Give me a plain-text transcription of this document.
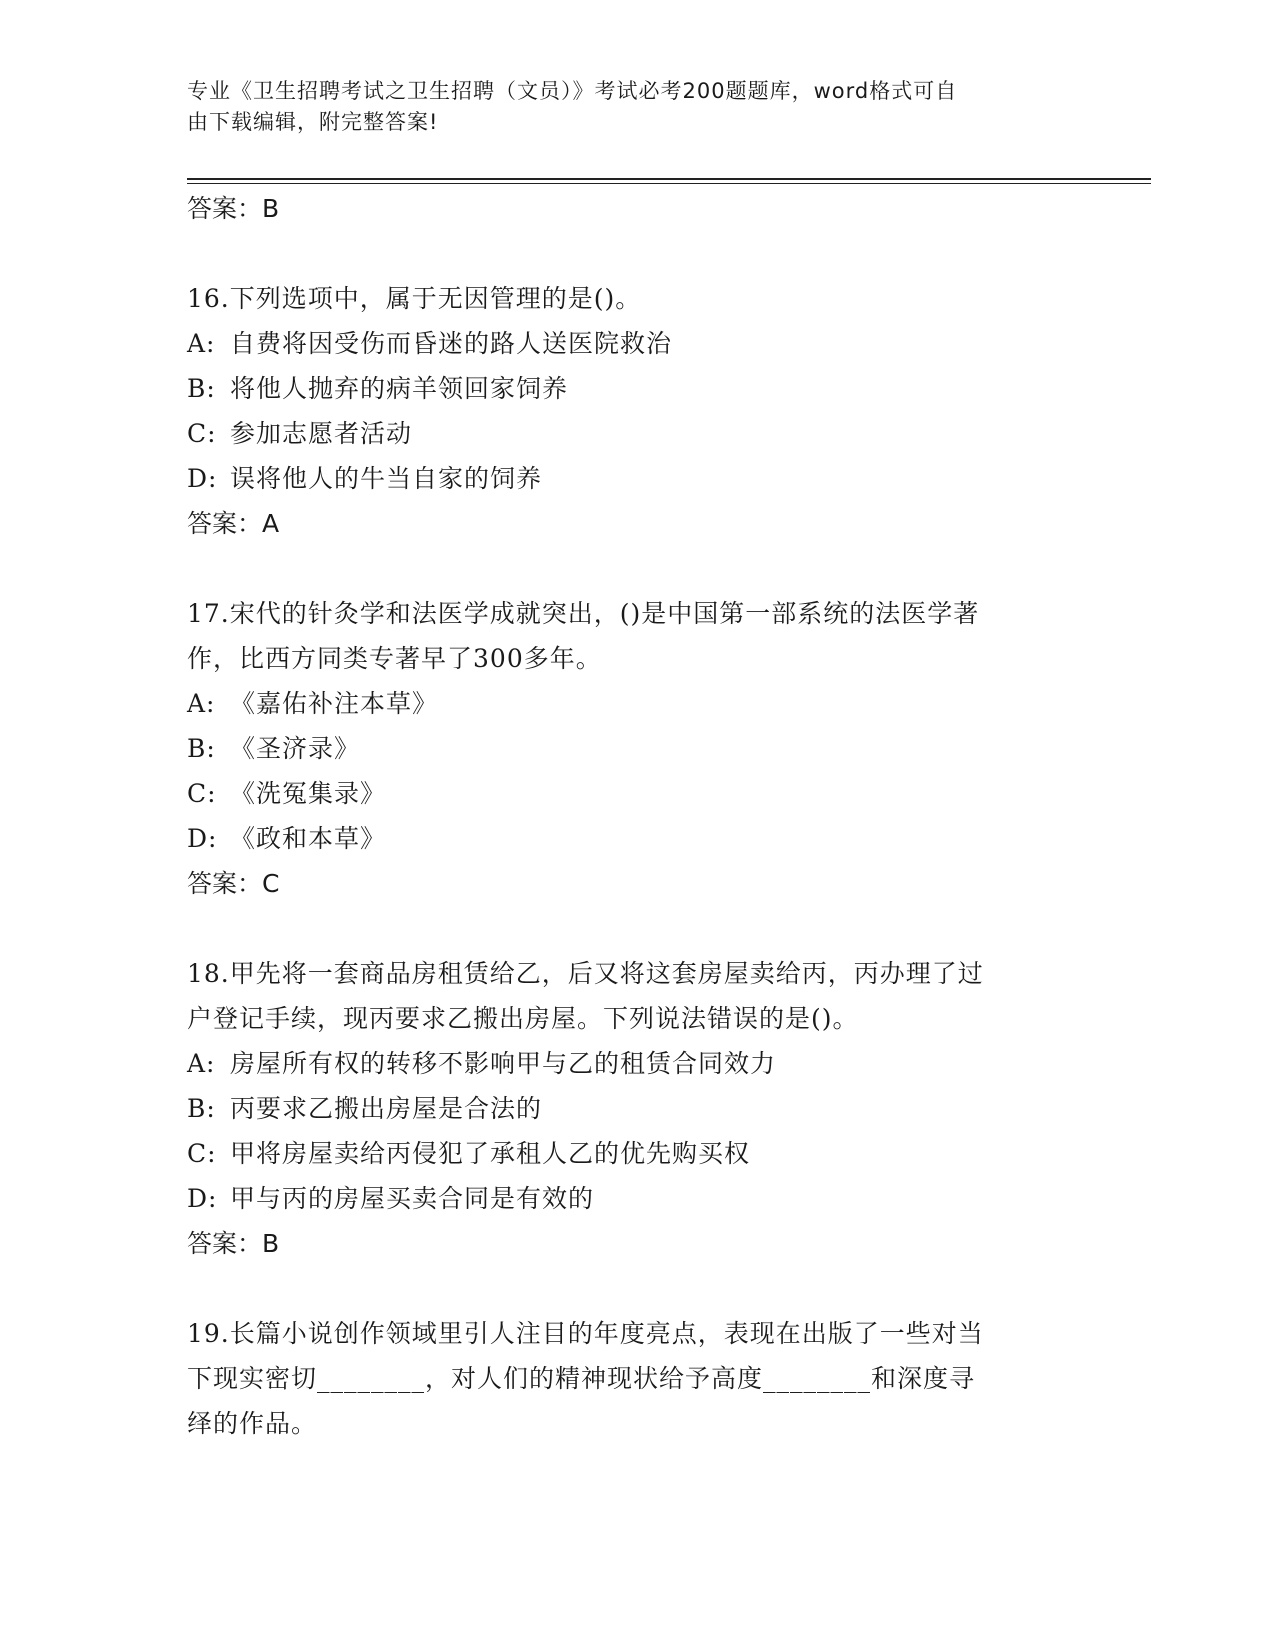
专业《卫生招聘考试之卫生招聘（文员）》考试必考200题题库，word格式可自
由下载编辑，附完整答案!

答案：B

16.下列选项中，属于无因管理的是()。

A: 自费将因受伤而昏迷的路人送医院救治

B: 将他人抛弃的病羊领回家饲养

C: 参加志愿者活动

D: 误将他人的牛当自家的饲养

答案：A

17.宋代的针灸学和法医学成就突出，()是中国第一部系统的法医学著

作，比西方同类专著早了300多年。

A: 《嘉佑补注本草》

B: 《圣济录》

C: 《洗冤集录》

D: 《政和本草》

答案：C

18.甲先将一套商品房租赁给乙，后又将这套房屋卖给丙，丙办理了过

户登记手续，现丙要求乙搬出房屋。下列说法错误的是()。

A: 房屋所有权的转移不影响甲与乙的租赁合同效力

B: 丙要求乙搬出房屋是合法的

C: 甲将房屋卖给丙侵犯了承租人乙的优先购买权

D: 甲与丙的房屋买卖合同是有效的

答案：B

19.长篇小说创作领域里引人注目的年度亮点，表现在出版了一些对当

下现实密切________，对人们的精神现状给予高度________和深度寻

绎的作品。
